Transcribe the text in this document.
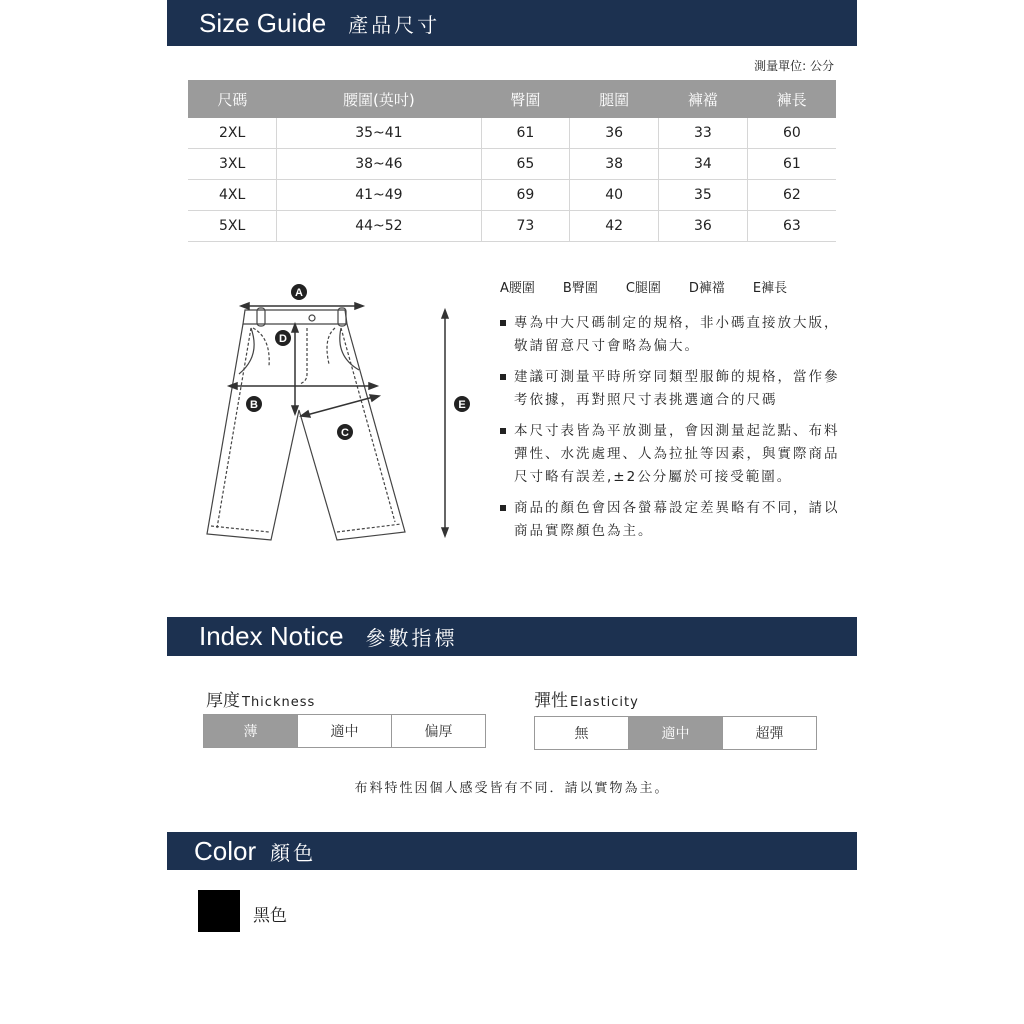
Size Guide 產品尺寸
測量單位: 公分
尺碼	腰圍(英吋)	臀圍	腿圍	褲襠	褲長
2XL	35~41	61	36	33	60
3XL	38~46	65	38	34	61
4XL	41~49	69	40	35	62
5XL	44~52	73	42	36	63
A
D
B
C
E
A腰圍 B臀圍 C腿圍 D褲襠 E褲長
專為中大尺碼制定的規格，非小碼直接放大版，敬請留意尺寸會略為偏大。
建議可測量平時所穿同類型服飾的規格，當作參考依據，再對照尺寸表挑選適合的尺碼
本尺寸表皆為平放測量，會因測量起訖點、布料彈性、水洗處理、人為拉扯等因素，與實際商品尺寸略有誤差,±2公分屬於可接受範圍。
商品的顏色會因各螢幕設定差異略有不同，請以商品實際顏色為主。
Index Notice 參數指標
厚度 Thickness
薄	適中	偏厚
彈性 Elasticity
無	適中	超彈
布料特性因個人感受皆有不同．請以實物為主。
Color 顏色
黑色
